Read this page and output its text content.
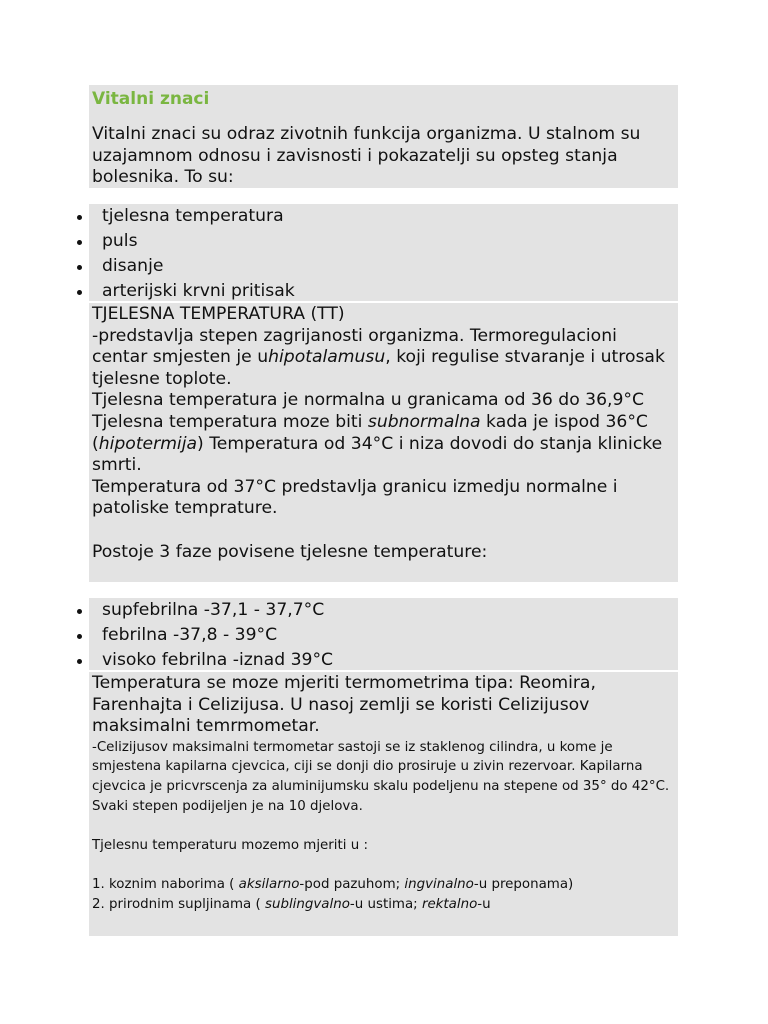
Vitalni znaci
Vitalni znaci su odraz zivotnih funkcija organizma. U stalnom su uzajamnom odnosu i zavisnosti i pokazatelji su opsteg stanja bolesnika. To su:
tjelesna temperatura
puls
disanje
arterijski krvni pritisak
TJELESNA TEMPERATURA (TT)
-predstavlja stepen zagrijanosti organizma. Termoregulacioni centar smjesten je uhipotalamusu, koji regulise stvaranje i utrosak tjelesne toplote.
Tjelesna temperatura je normalna u granicama od 36 do 36,9°C
Tjelesna temperatura moze biti subnormalna kada je ispod 36°C (hipotermija) Temperatura od 34°C i niza dovodi do stanja klinicke smrti.
Temperatura od 37°C predstavlja granicu izmedju normalne i patoliske temprature.
Postoje 3 faze povisene tjelesne temperature:
supfebrilna -37,1 - 37,7°C
febrilna -37,8 - 39°C
visoko febrilna -iznad 39°C
Temperatura se moze mjeriti termometrima tipa: Reomira, Farenhajta i Celizijusa. U nasoj zemlji se koristi Celizijusov maksimalni temrmometar.
-Celizijusov maksimalni termometar sastoji se iz staklenog cilindra, u kome je smjestena kapilarna cjevcica, ciji se donji dio prosiruje u zivin rezervoar. Kapilarna cjevcica je pricvrscenja za aluminijumsku skalu podeljenu na stepene od 35° do 42°C. Svaki stepen podijeljen je na 10 djelova.
Tjelesnu temperaturu mozemo mjeriti u :
1. koznim naborima ( aksilarno-pod pazuhom; ingvinalno-u preponama)
2. prirodnim supljinama ( sublingvalno-u ustima; rektalno-u
